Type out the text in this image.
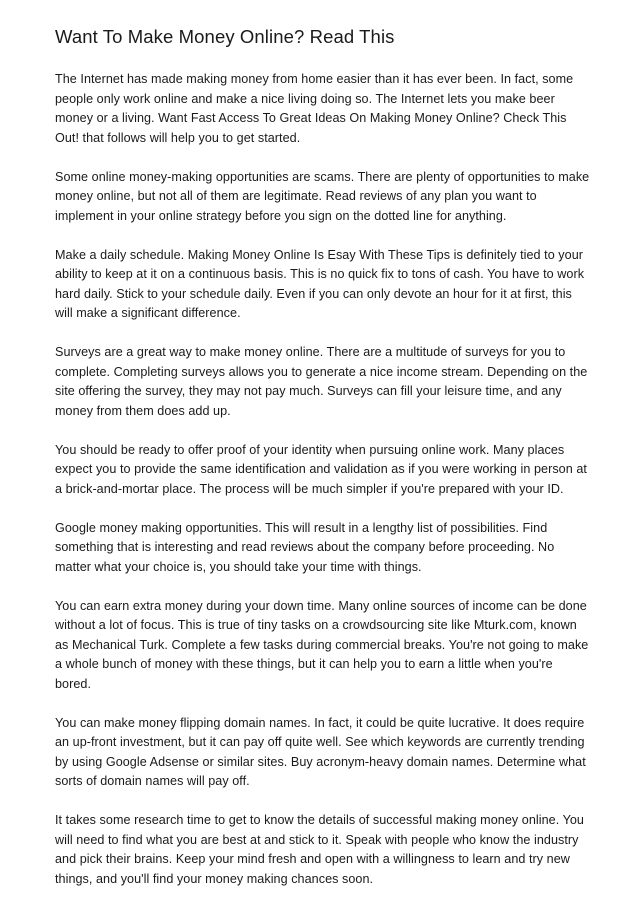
Want To Make Money Online? Read This

The Internet has made making money from home easier than it has ever been. In fact, some people only work online and make a nice living doing so. The Internet lets you make beer money or a living. Want Fast Access To Great Ideas On Making Money Online? Check This Out! that follows will help you to get started.

Some online money-making opportunities are scams. There are plenty of opportunities to make money online, but not all of them are legitimate. Read reviews of any plan you want to implement in your online strategy before you sign on the dotted line for anything.

Make a daily schedule. Making Money Online Is Esay With These Tips is definitely tied to your ability to keep at it on a continuous basis. This is no quick fix to tons of cash. You have to work hard daily. Stick to your schedule daily. Even if you can only devote an hour for it at first, this will make a significant difference.

Surveys are a great way to make money online. There are a multitude of surveys for you to complete. Completing surveys allows you to generate a nice income stream. Depending on the site offering the survey, they may not pay much. Surveys can fill your leisure time, and any money from them does add up.

You should be ready to offer proof of your identity when pursuing online work. Many places expect you to provide the same identification and validation as if you were working in person at a brick-and-mortar place. The process will be much simpler if you're prepared with your ID.

Google money making opportunities. This will result in a lengthy list of possibilities. Find something that is interesting and read reviews about the company before proceeding. No matter what your choice is, you should take your time with things.

You can earn extra money during your down time. Many online sources of income can be done without a lot of focus. This is true of tiny tasks on a crowdsourcing site like Mturk.com, known as Mechanical Turk. Complete a few tasks during commercial breaks. You're not going to make a whole bunch of money with these things, but it can help you to earn a little when you're bored.

You can make money flipping domain names. In fact, it could be quite lucrative. It does require an up-front investment, but it can pay off quite well. See which keywords are currently trending by using Google Adsense or similar sites. Buy acronym-heavy domain names. Determine what sorts of domain names will pay off.

It takes some research time to get to know the details of successful making money online. You will need to find what you are best at and stick to it. Speak with people who know the industry and pick their brains. Keep your mind fresh and open with a willingness to learn and try new things, and you'll find your money making chances soon.
